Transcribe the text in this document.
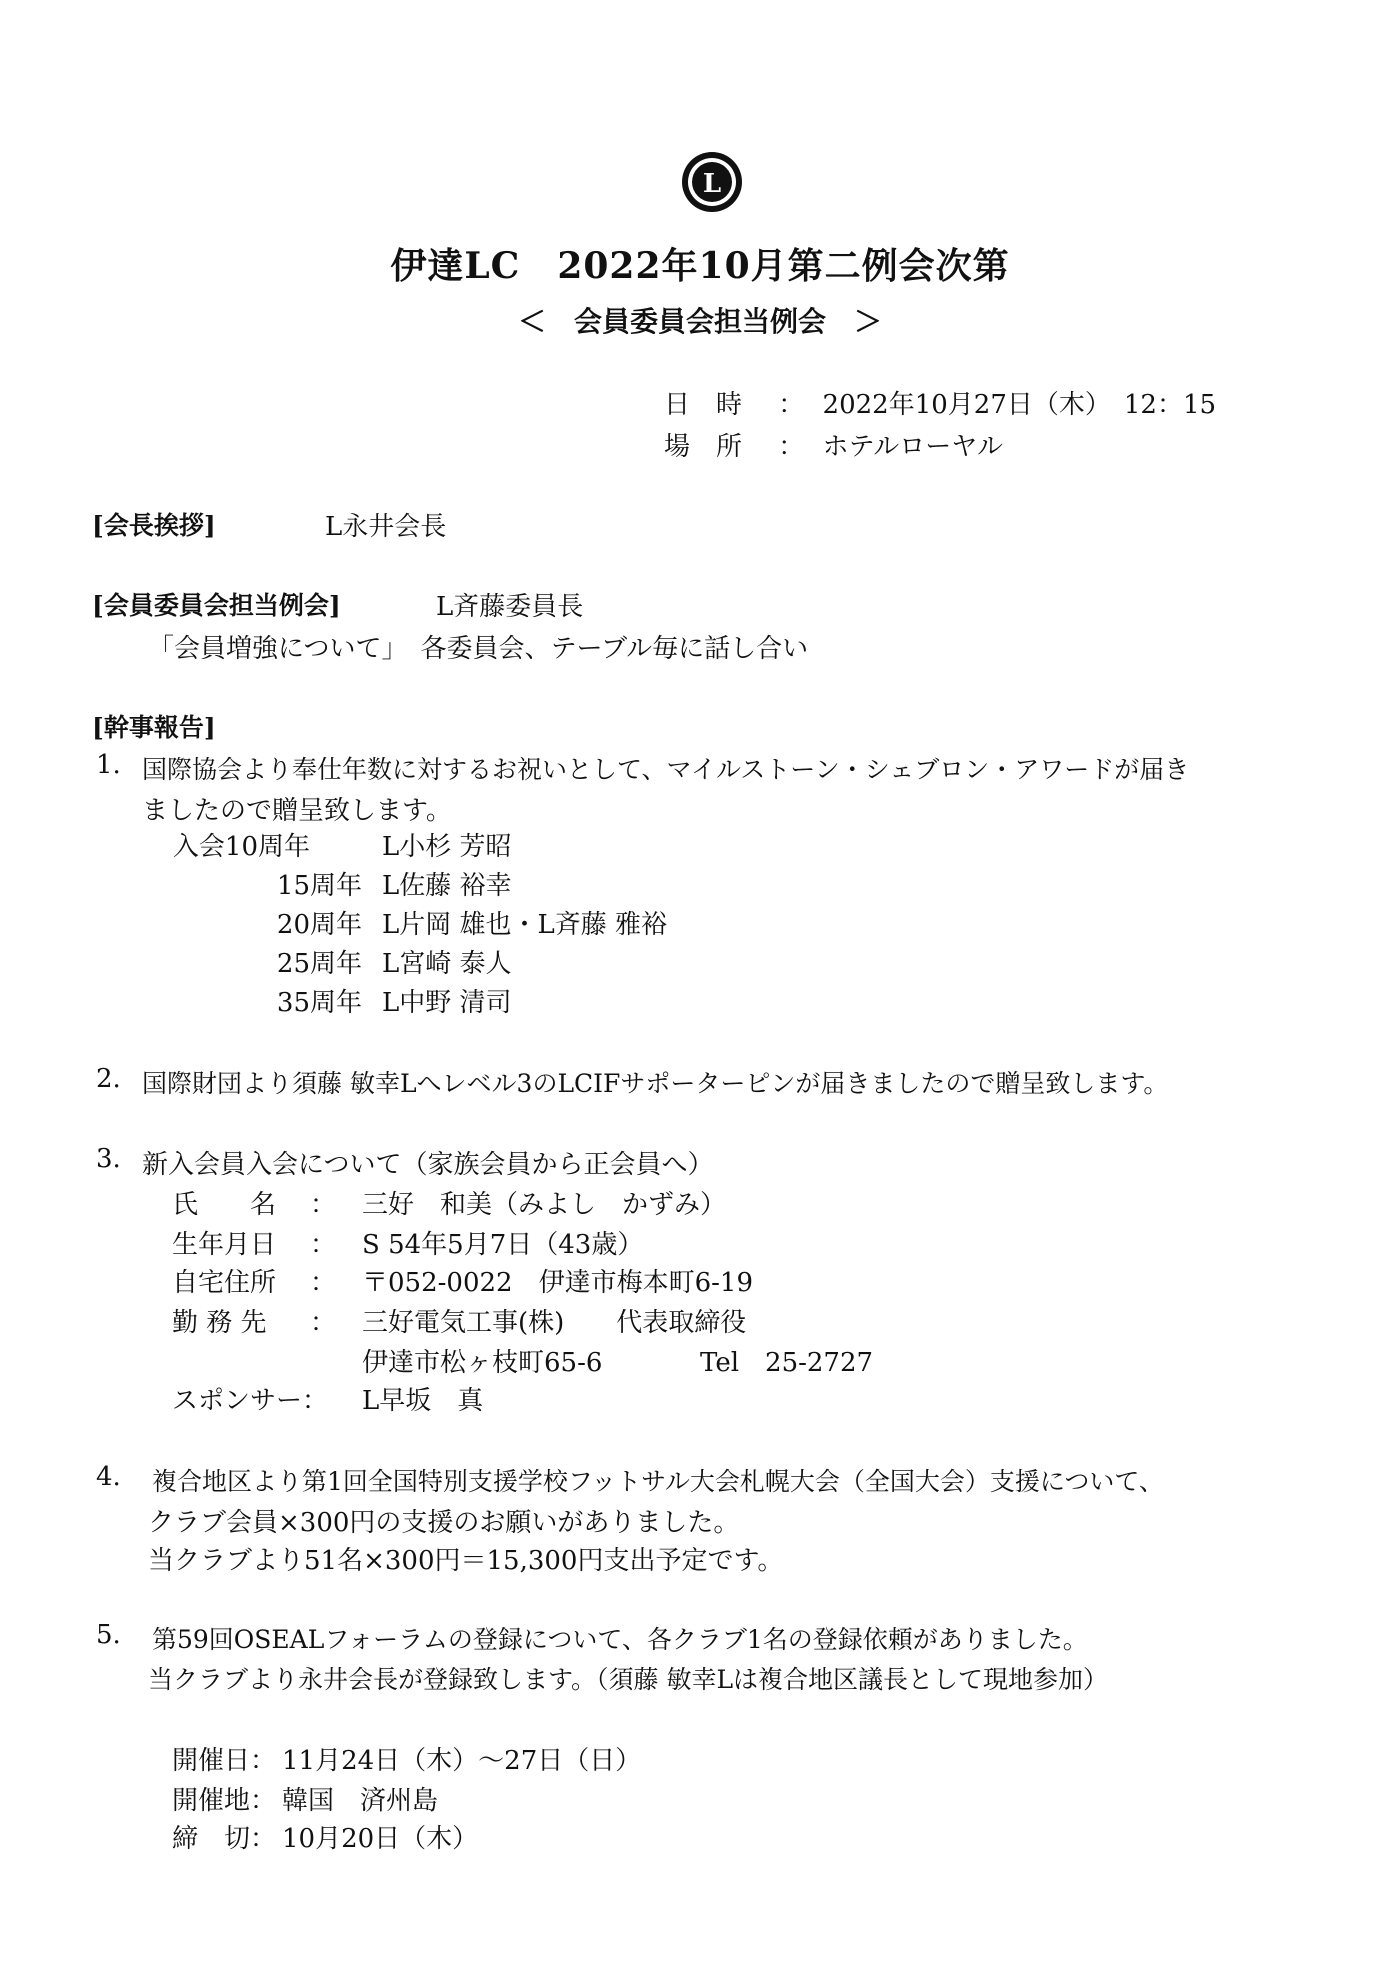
L
伊達LC　2022年10月第二例会次第
＜　会員委員会担当例会　＞
日　時 ： 2022年10月27日（木）　12：15
場　所 ： ホテルローヤル
[会長挨拶]	L永井会長
[会員委員会担当例会]	L斉藤委員長
「会員増強について」　各委員会、テーブル毎に話し合い
[幹事報告]
1. 国際協会より奉仕年数に対するお祝いとして、マイルストーン・シェブロン・アワードが届き
ましたので贈呈致します。
入会10周年	L小杉 芳昭
15周年 L佐藤 裕幸
20周年 L片岡 雄也・L斉藤 雅裕
25周年 L宮崎 泰人
35周年 L中野 清司
2. 国際財団より須藤 敏幸Lへレベル3のLCIFサポーターピンが届きましたので贈呈致します。
3. 新入会員入会について（家族会員から正会員へ）
氏　　名 ： 三好　和美（みよし　かずみ）
生年月日 ： S 54年5月7日（43歳）
自宅住所 ： 〒052-0022　伊達市梅本町6-19
勤 務 先 ： 三好電気工事(株)　　代表取締役
伊達市松ヶ枝町65-6	Tel　25-2727
スポンサー： L早坂　真
4. 複合地区より第1回全国特別支援学校フットサル大会札幌大会（全国大会）支援について、
クラブ会員×300円の支援のお願いがありました。
当クラブより51名×300円＝15,300円支出予定です。
5. 第59回OSEALフォーラムの登録について、各クラブ1名の登録依頼がありました。
当クラブより永井会長が登録致します。（須藤 敏幸Lは複合地区議長として現地参加）
開催日： 11月24日（木）～27日（日）
開催地： 韓国　済州島
締　切： 10月20日（木）
